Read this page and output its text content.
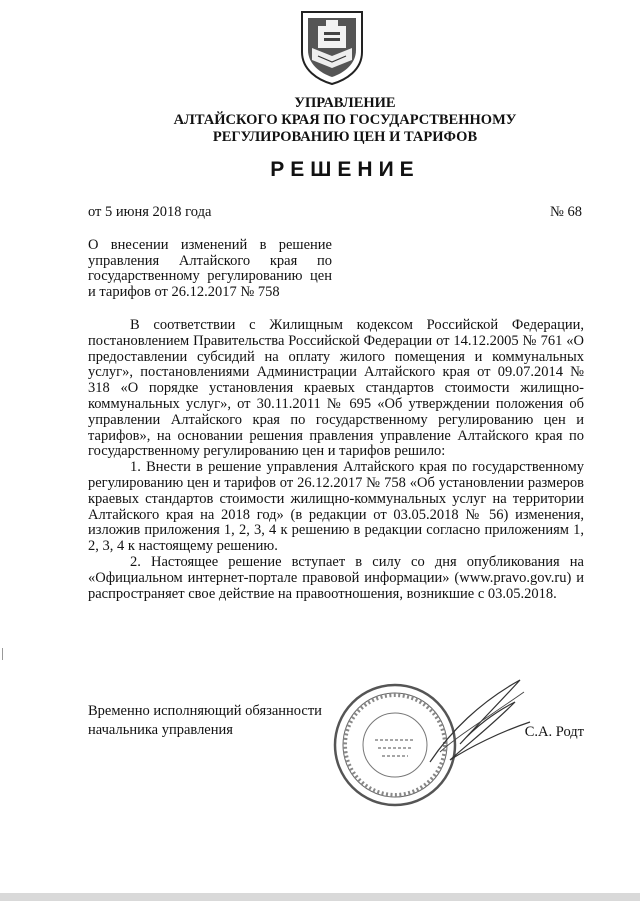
УПРАВЛЕНИЕ
АЛТАЙСКОГО КРАЯ ПО ГОСУДАРСТВЕННОМУ
РЕГУЛИРОВАНИЮ ЦЕН И ТАРИФОВ
РЕШЕНИЕ
от 5 июня 2018 года	№ 68
О внесении изменений в решение управления Алтайского края по государственному регулированию цен и тарифов от 26.12.2017 № 758

В соответствии с Жилищным кодексом Российской Федерации, постановлением Правительства Российской Федерации от 14.12.2005 № 761 «О предоставлении субсидий на оплату жилого помещения и коммунальных услуг», постановлениями Администрации Алтайского края от 09.07.2014 № 318 «О порядке установления краевых стандартов стоимости жилищно-коммунальных услуг», от 30.11.2011 № 695 «Об утверждении положения об управлении Алтайского края по государственному регулированию цен и тарифов», на основании решения правления управление Алтайского края по государственному регулированию цен и тарифов решило:

1. Внести в решение управления Алтайского края по государственному регулированию цен и тарифов от 26.12.2017 № 758 «Об установлении размеров краевых стандартов стоимости жилищно-коммунальных услуг на территории Алтайского края на 2018 год» (в редакции от 03.05.2018 № 56) изменения, изложив приложения 1, 2, 3, 4 к решению в редакции согласно приложениям 1, 2, 3, 4 к настоящему решению.

2. Настоящее решение вступает в силу со дня опубликования на «Официальном интернет-портале правовой информации» (www.pravo.gov.ru) и распространяет свое действие на правоотношения, возникшие с 03.05.2018.

Временно исполняющий обязанности
начальника управления	С.А. Родт
